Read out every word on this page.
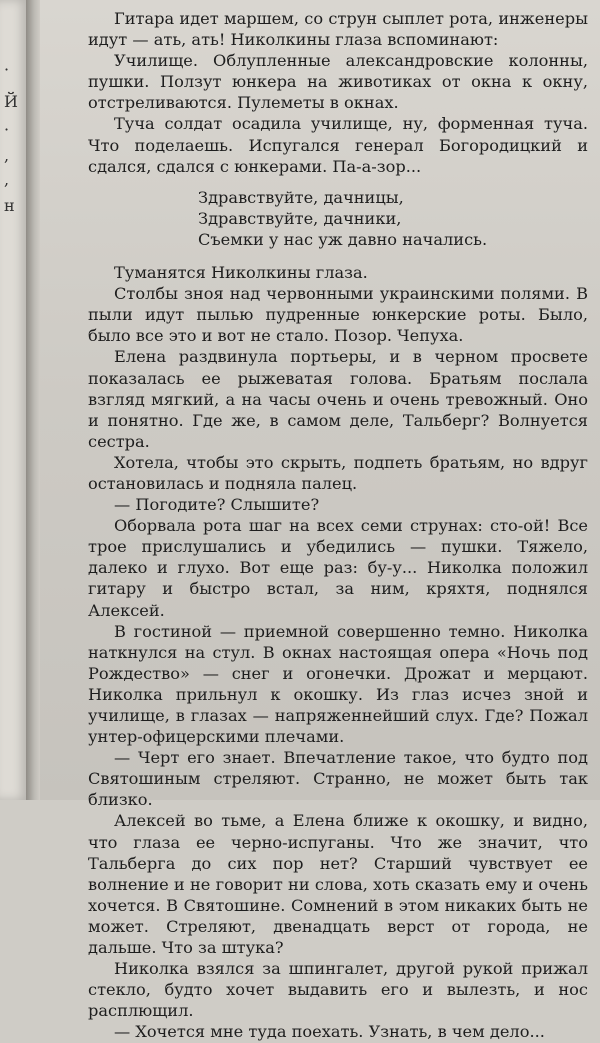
Й
·
,
,
н
·

Гитара идет маршем, со струн сыплет рота, инженеры идут — ать, ать! Николкины глаза вспоминают:

Училище. Облупленные александровские колонны, пушки. Ползут юнкера на животиках от окна к окну, отстреливаются. Пулеметы в окнах.

Туча солдат осадила училище, ну, форменная туча. Что поделаешь. Испугался генерал Богородицкий и сдался, сдался с юнкерами. Па-а-зор...

Здравствуйте, дачницы,
Здравствуйте, дачники,
Съемки у нас уж давно начались.

Туманятся Николкины глаза.

Столбы зноя над червонными украинскими полями. В пыли идут пылью пудренные юнкерские роты. Было, было все это и вот не стало. Позор. Чепуха.

Елена раздвинула портьеры, и в черном просвете показалась ее рыжеватая голова. Братьям послала взгляд мягкий, а на часы очень и очень тревожный. Оно и понятно. Где же, в самом деле, Тальберг? Волнуется сестра.

Хотела, чтобы это скрыть, подпеть братьям, но вдруг остановилась и подняла палец.

— Погодите? Слышите?

Оборвала рота шаг на всех семи струнах: сто-ой! Все трое прислушались и убедились — пушки. Тяжело, далеко и глухо. Вот еще раз: бу-у... Николка положил гитару и быстро встал, за ним, кряхтя, поднялся Алексей.

В гостиной — приемной совершенно темно. Николка наткнулся на стул. В окнах настоящая опера «Ночь под Рождество» — снег и огонечки. Дрожат и мерцают. Николка прильнул к окошку. Из глаз исчез зной и училище, в глазах — напряженнейший слух. Где? Пожал унтер-офицерскими плечами.

— Черт его знает. Впечатление такое, что будто под Святошиным стреляют. Странно, не может быть так близко.

Алексей во тьме, а Елена ближе к окошку, и видно, что глаза ее черно-испуганы. Что же значит, что Тальберга до сих пор нет? Старший чувствует ее волнение и не говорит ни слова, хоть сказать ему и очень хочется. В Святошине. Сомнений в этом никаких быть не может. Стреляют, двенадцать верст от города, не дальше. Что за штука?

Николка взялся за шпингалет, другой рукой прижал стекло, будто хочет выдавить его и вылезть, и нос расплющил.

— Хочется мне туда поехать. Узнать, в чем дело...
